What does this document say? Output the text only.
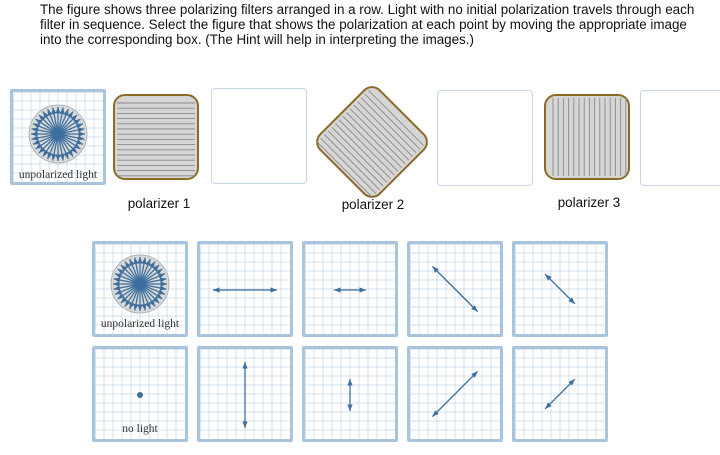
The figure shows three polarizing filters arranged in a row. Light with no initial polarization travels through each filter in sequence. Select the figure that shows the polarization at each point by moving the appropriate image into the corresponding box. (The Hint will help in interpreting the images.)

unpolarized light
polarizer 1	polarizer 2	polarizer 3
unpolarized light
no light
